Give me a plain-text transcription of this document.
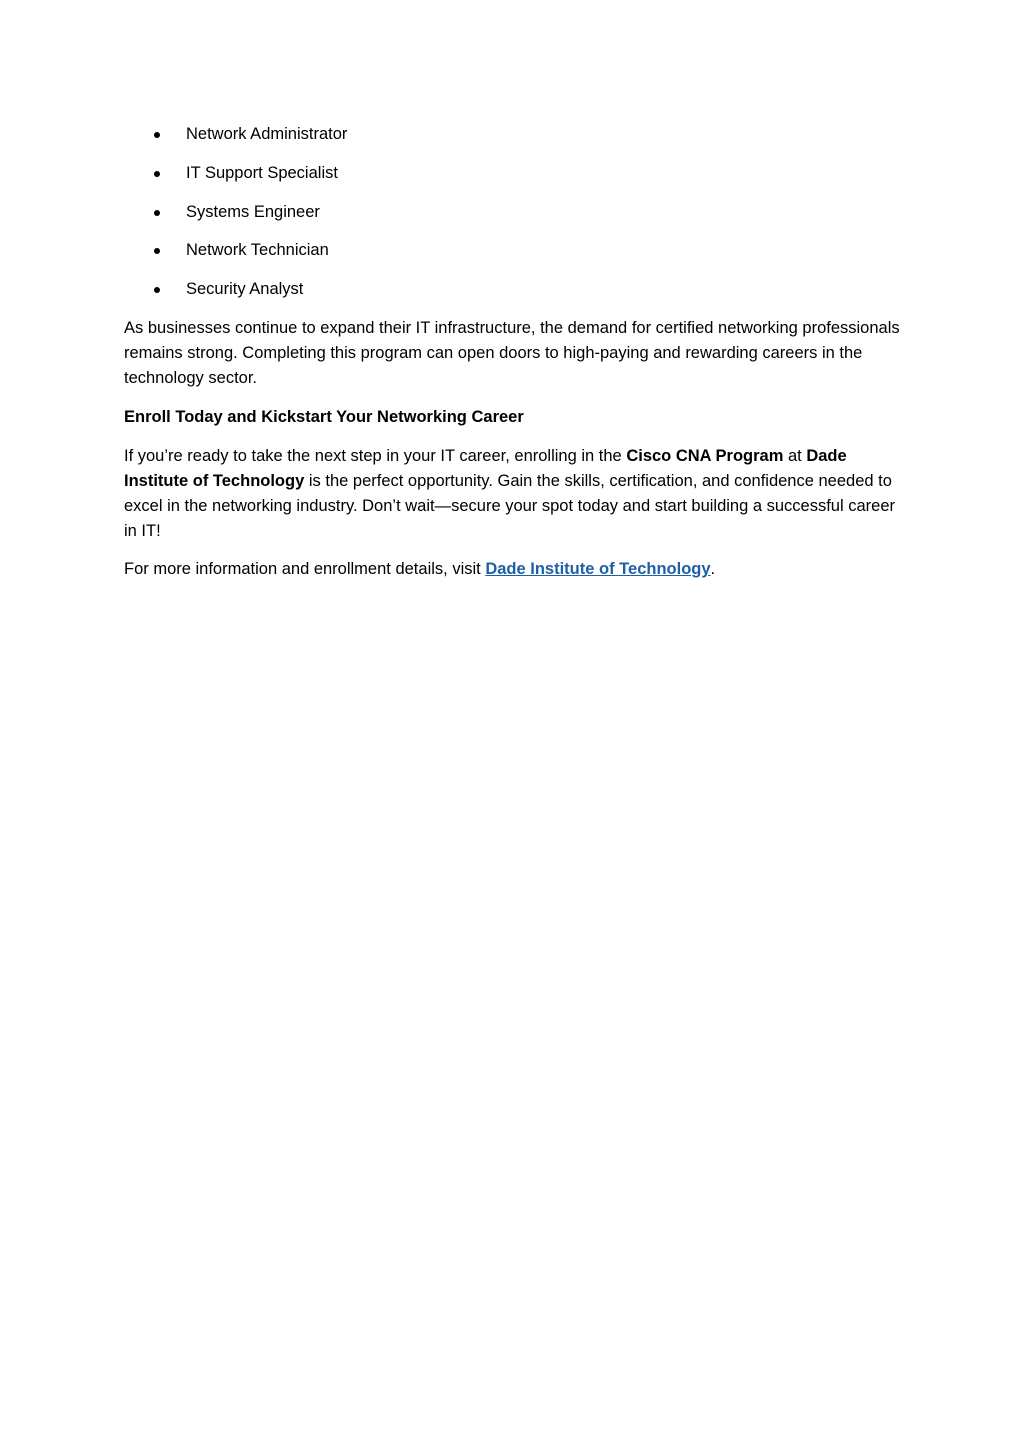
Network Administrator
IT Support Specialist
Systems Engineer
Network Technician
Security Analyst

As businesses continue to expand their IT infrastructure, the demand for certified networking professionals remains strong. Completing this program can open doors to high-paying and rewarding careers in the technology sector.

Enroll Today and Kickstart Your Networking Career

If you’re ready to take the next step in your IT career, enrolling in the Cisco CNA Program at Dade Institute of Technology is the perfect opportunity. Gain the skills, certification, and confidence needed to excel in the networking industry. Don’t wait—secure your spot today and start building a successful career in IT!

For more information and enrollment details, visit Dade Institute of Technology.
